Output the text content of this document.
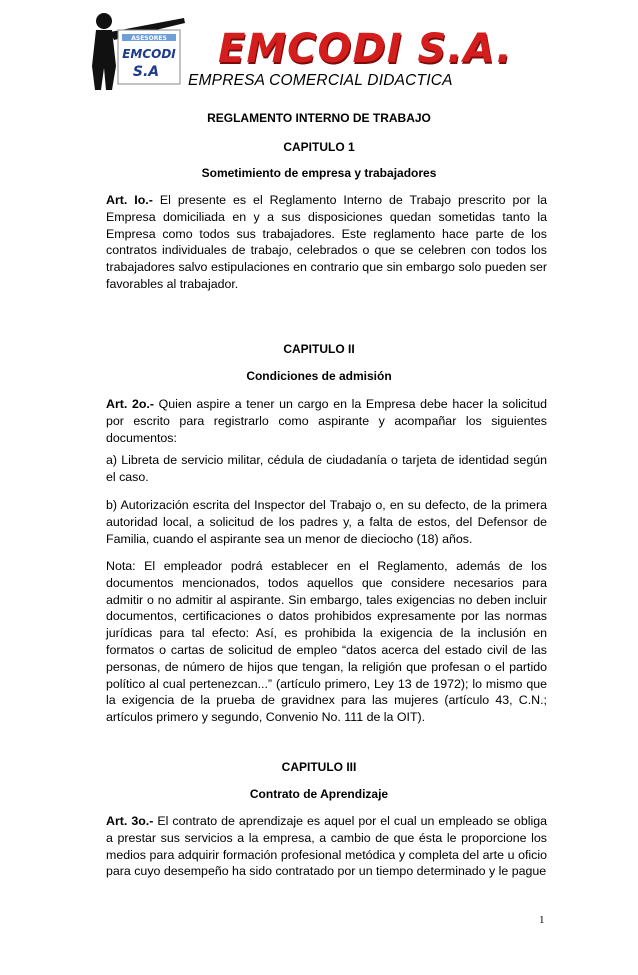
ASESORES
EMCODI
S.A EMCODI S.A.
EMPRESA COMERCIAL DIDACTICA
REGLAMENTO INTERNO DE TRABAJO
CAPITULO 1
Sometimiento de empresa y trabajadores

Art. Io.- El presente es el Reglamento Interno de Trabajo prescrito por la Empresa domiciliada en y a sus disposiciones quedan sometidas tanto la Empresa como todos sus trabajadores. Este reglamento hace parte de los contratos individuales de trabajo, celebrados o que se celebren con todos los trabajadores salvo estipulaciones en contrario que sin embargo solo pueden ser favorables al trabajador.

CAPITULO II
Condiciones de admisión

Art. 2o.- Quien aspire a tener un cargo en la Empresa debe hacer la solicitud por escrito para registrarlo como aspirante y acompañar los siguientes documentos:

a) Libreta de servicio militar, cédula de ciudadanía o tarjeta de identidad según el caso.

b) Autorización escrita del Inspector del Trabajo o, en su defecto, de la primera autoridad local, a solicitud de los padres y, a falta de estos, del Defensor de Familia, cuando el aspirante sea un menor de dieciocho (18) años.

Nota: El empleador podrá establecer en el Reglamento, además de los documentos mencionados, todos aquellos que considere necesarios para admitir o no admitir al aspirante. Sin embargo, tales exigencias no deben incluir documentos, certificaciones o datos prohibidos expresamente por las normas jurídicas para tal efecto: Así, es prohibida la exigencia de la inclusión en formatos o cartas de solicitud de empleo “datos acerca del estado civil de las personas, de número de hijos que tengan, la religión que profesan o el partido político al cual pertenezcan...” (artículo primero, Ley 13 de 1972); lo mismo que la exigencia de la prueba de gravidnex para las mujeres (artículo 43, C.N.; artículos primero y segundo, Convenio No. 111 de la OIT).

CAPITULO III
Contrato de Aprendizaje

Art. 3o.- El contrato de aprendizaje es aquel por el cual un empleado se obliga a prestar sus servicios a la empresa, a cambio de que ésta le proporcione los medios para adquirir formación profesional metódica y completa del arte u oficio para cuyo desempeño ha sido contratado por un tiempo determinado y le pague

1
